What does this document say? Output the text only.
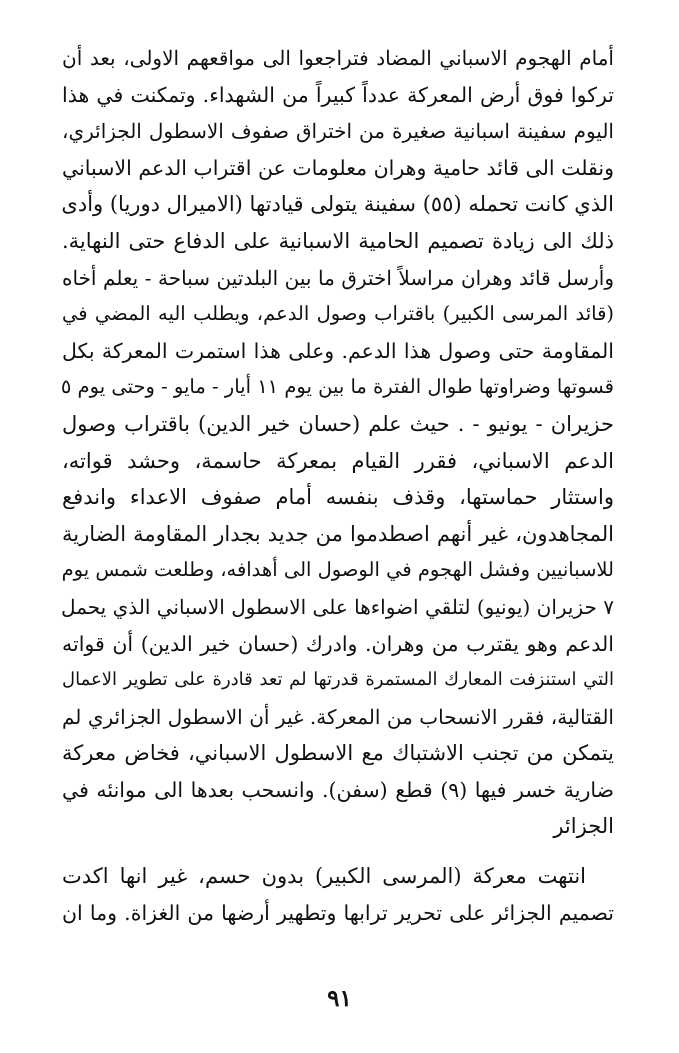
أمام الهجوم الاسباني المضاد فتراجعوا الى مواقعهم الاولى، بعد أن
تركوا فوق أرض المعركة عدداً كبيراً من الشهداء. وتمكنت في هذا
اليوم سفينة اسبانية صغيرة من اختراق صفوف الاسطول الجزائري،
ونقلت الى قائد حامية وهران معلومات عن اقتراب الدعم الاسباني
الذي كانت تحمله (٥٥) سفينة يتولى قيادتها (الاميرال دوريا) وأدى
ذلك الى زيادة تصميم الحامية الاسبانية على الدفاع حتى النهاية.
وأرسل قائد وهران مراسلاً اخترق ما بين البلدتين سباحة - يعلم أخاه
(قائد المرسى الكبير) باقتراب وصول الدعم، ويطلب اليه المضي في
المقاومة حتى وصول هذا الدعم. وعلى هذا استمرت المعركة بكل
قسوتها وضراوتها طوال الفترة ما بين يوم ١١ أيار - مايو - وحتى يوم ٥
حزيران - يونيو - . حيث علم (حسان خير الدين) باقتراب وصول
الدعم الاسباني، فقرر القيام بمعركة حاسمة، وحشد قواته،
واستثار حماستها، وقذف بنفسه أمام صفوف الاعداء واندفع
المجاهدون، غير أنهم اصطدموا من جديد بجدار المقاومة الضارية
للاسبانيين وفشل الهجوم في الوصول الى أهدافه، وطلعت شمس يوم
٧ حزيران (يونيو) لتلقي اضواءها على الاسطول الاسباني الذي يحمل
الدعم وهو يقترب من وهران. وادرك (حسان خير الدين) أن قواته
التي استنزفت المعارك المستمرة قدرتها لم تعد قادرة على تطوير الاعمال
القتالية، فقرر الانسحاب من المعركة. غير أن الاسطول الجزائري لم
يتمكن من تجنب الاشتباك مع الاسطول الاسباني، فخاض معركة
ضارية خسر فيها (٩) قطع (سفن). وانسحب بعدها الى موانئه في
الجزائر

انتهت معركة (المرسى الكبير) بدون حسم، غير انها اكدت
تصميم الجزائر على تحرير ترابها وتطهير أرضها من الغزاة. وما ان

٩١
